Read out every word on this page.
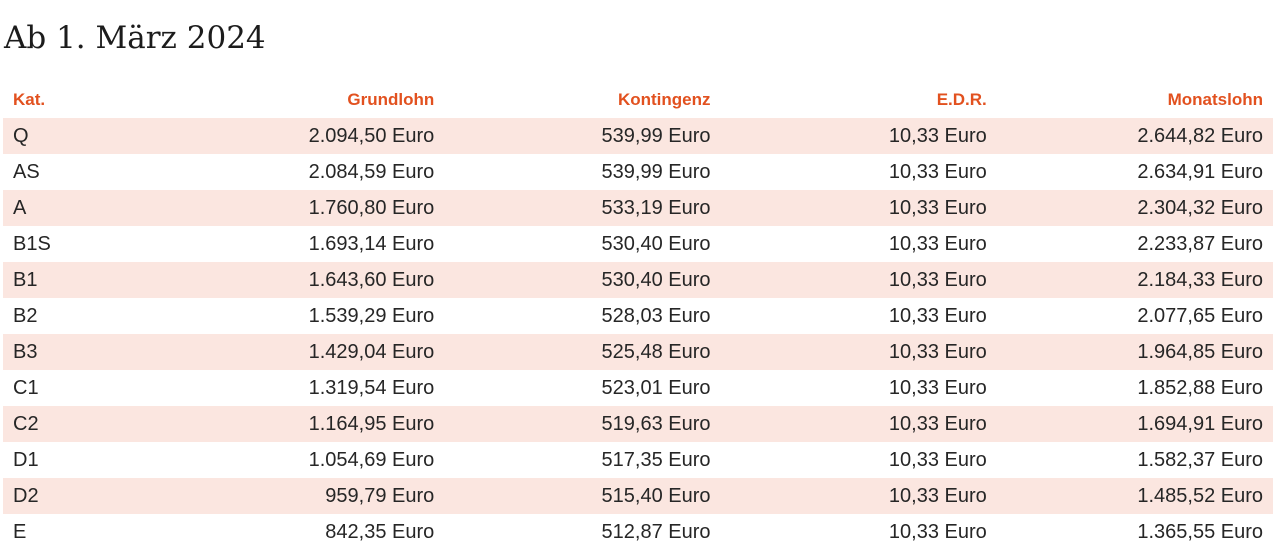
Ab 1. März 2024
Kat.	Grundlohn	Kontingenz	E.D.R.	Monatslohn
Q	2.094,50 Euro	539,99 Euro	10,33 Euro	2.644,82 Euro
AS	2.084,59 Euro	539,99 Euro	10,33 Euro	2.634,91 Euro
A	1.760,80 Euro	533,19 Euro	10,33 Euro	2.304,32 Euro
B1S	1.693,14 Euro	530,40 Euro	10,33 Euro	2.233,87 Euro
B1	1.643,60 Euro	530,40 Euro	10,33 Euro	2.184,33 Euro
B2	1.539,29 Euro	528,03 Euro	10,33 Euro	2.077,65 Euro
B3	1.429,04 Euro	525,48 Euro	10,33 Euro	1.964,85 Euro
C1	1.319,54 Euro	523,01 Euro	10,33 Euro	1.852,88 Euro
C2	1.164,95 Euro	519,63 Euro	10,33 Euro	1.694,91 Euro
D1	1.054,69 Euro	517,35 Euro	10,33 Euro	1.582,37 Euro
D2	959,79 Euro	515,40 Euro	10,33 Euro	1.485,52 Euro
E	842,35 Euro	512,87 Euro	10,33 Euro	1.365,55 Euro
